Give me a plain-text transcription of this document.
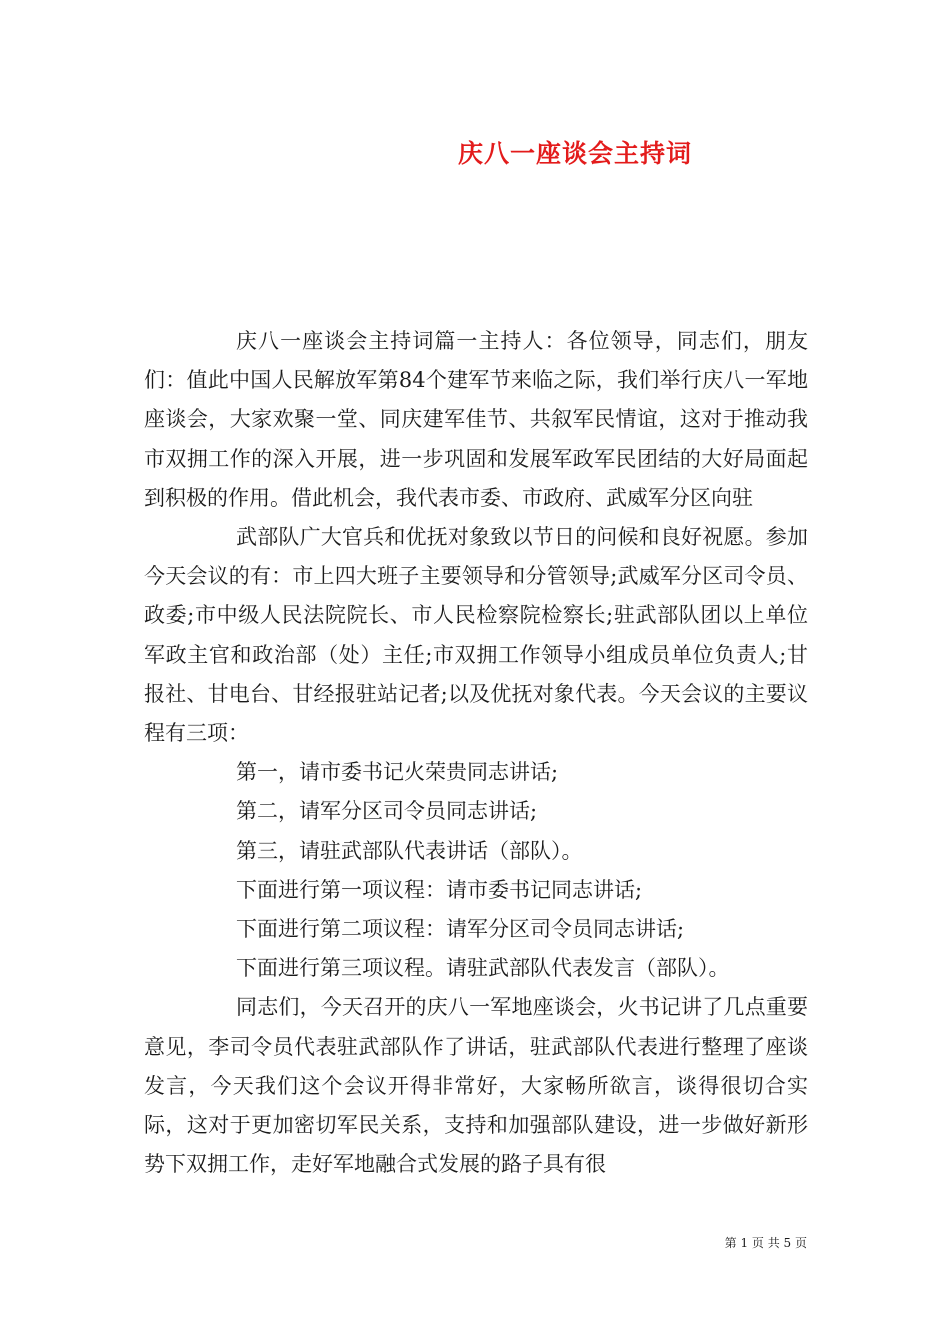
庆八一座谈会主持词

庆八一座谈会主持词篇一主持人：各位领导，同志们，朋友们：值此中国人民解放军第84个建军节来临之际，我们举行庆八一军地座谈会，大家欢聚一堂、同庆建军佳节、共叙军民情谊，这对于推动我市双拥工作的深入开展，进一步巩固和发展军政军民团结的大好局面起到积极的作用。借此机会，我代表市委、市政府、武威军分区向驻

武部队广大官兵和优抚对象致以节日的问候和良好祝愿。参加今天会议的有：市上四大班子主要领导和分管领导;武威军分区司令员、政委;市中级人民法院院长、市人民检察院检察长;驻武部队团以上单位军政主官和政治部（处）主任;市双拥工作领导小组成员单位负责人;甘报社、甘电台、甘经报驻站记者;以及优抚对象代表。今天会议的主要议程有三项：

第一，请市委书记火荣贵同志讲话;

第二，请军分区司令员同志讲话;

第三，请驻武部队代表讲话（部队）。

下面进行第一项议程：请市委书记同志讲话;

下面进行第二项议程：请军分区司令员同志讲话;

下面进行第三项议程。请驻武部队代表发言（部队）。

同志们，今天召开的庆八一军地座谈会，火书记讲了几点重要意见，李司令员代表驻武部队作了讲话，驻武部队代表进行整理了座谈发言，今天我们这个会议开得非常好，大家畅所欲言，谈得很切合实际，这对于更加密切军民关系，支持和加强部队建设，进一步做好新形势下双拥工作，走好军地融合式发展的路子具有很

第 1 页 共 5 页
